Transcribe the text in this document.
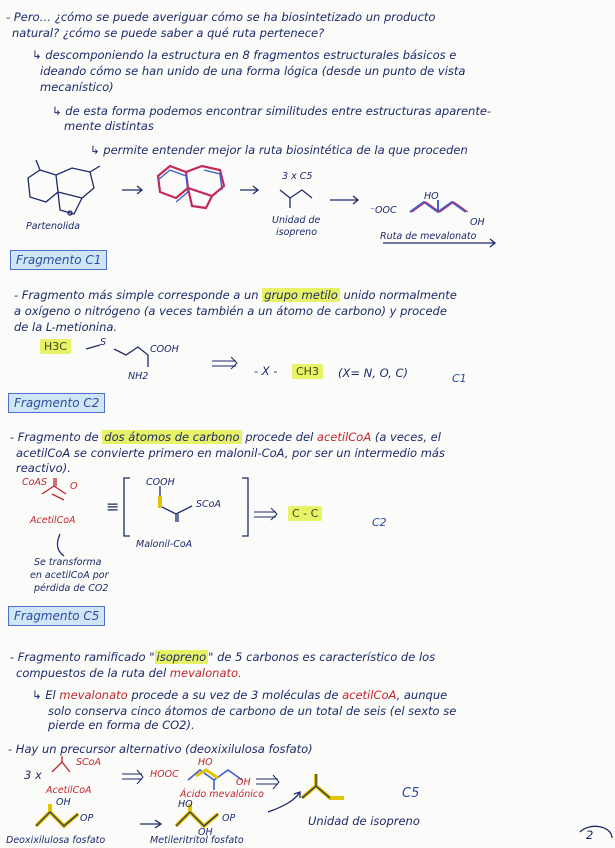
- Pero… ¿cómo se puede averiguar cómo se ha biosintetizado un producto
natural? ¿cómo se puede saber a qué ruta pertenece?
↳ descomponiendo la estructura en 8 fragmentos estructurales básicos e
ideando cómo se han unido de una forma lógica (desde un punto de vista
mecanístico)
↳ de esta forma podemos encontrar similitudes entre estructuras aparente-
mente distintas
↳ permite entender mejor la ruta biosintética de la que proceden
Partenolida
3 x C5
Unidad de
isopreno
⁻OOC
HO
OH
Ruta de mevalonato
Fragmento C1
- Fragmento más simple corresponde a un grupo metilo unido normalmente
a oxígeno o nitrógeno (a veces también a un átomo de carbono) y procede
de la L-metionina.
H3C	S
COOH
NH2	- X -	CH3	(X= N, O, C)	C1
Fragmento C2
- Fragmento de dos átomos de carbono procede del acetilCoA (a veces, el
acetilCoA se convierte primero en malonil-CoA, por ser un intermedio más
reactivo).
CoAS O
AcetilCoA
≡
COOH
SCoA
Malonil-CoA
C - C
C2
Se transforma
en acetilCoA por
pérdida de CO2
Fragmento C5
- Fragmento ramificado " isopreno " de 5 carbonos es característico de los
compuestos de la ruta del mevalonato.
↳ El mevalonato procede a su vez de 3 moléculas de acetilCoA, aunque
solo conserva cinco átomos de carbono de un total de seis (el sexto se
pierde en forma de CO2).
- Hay un precursor alternativo (deoxixilulosa fosfato)
3 x
SCoA
AcetilCoA
HOOC
HO
OH
Ácido mevalónico
Unidad de isopreno
C5
OH
OP
Deoxixilulosa fosfato
HO
OH
OP
Metileritritol fosfato	2
